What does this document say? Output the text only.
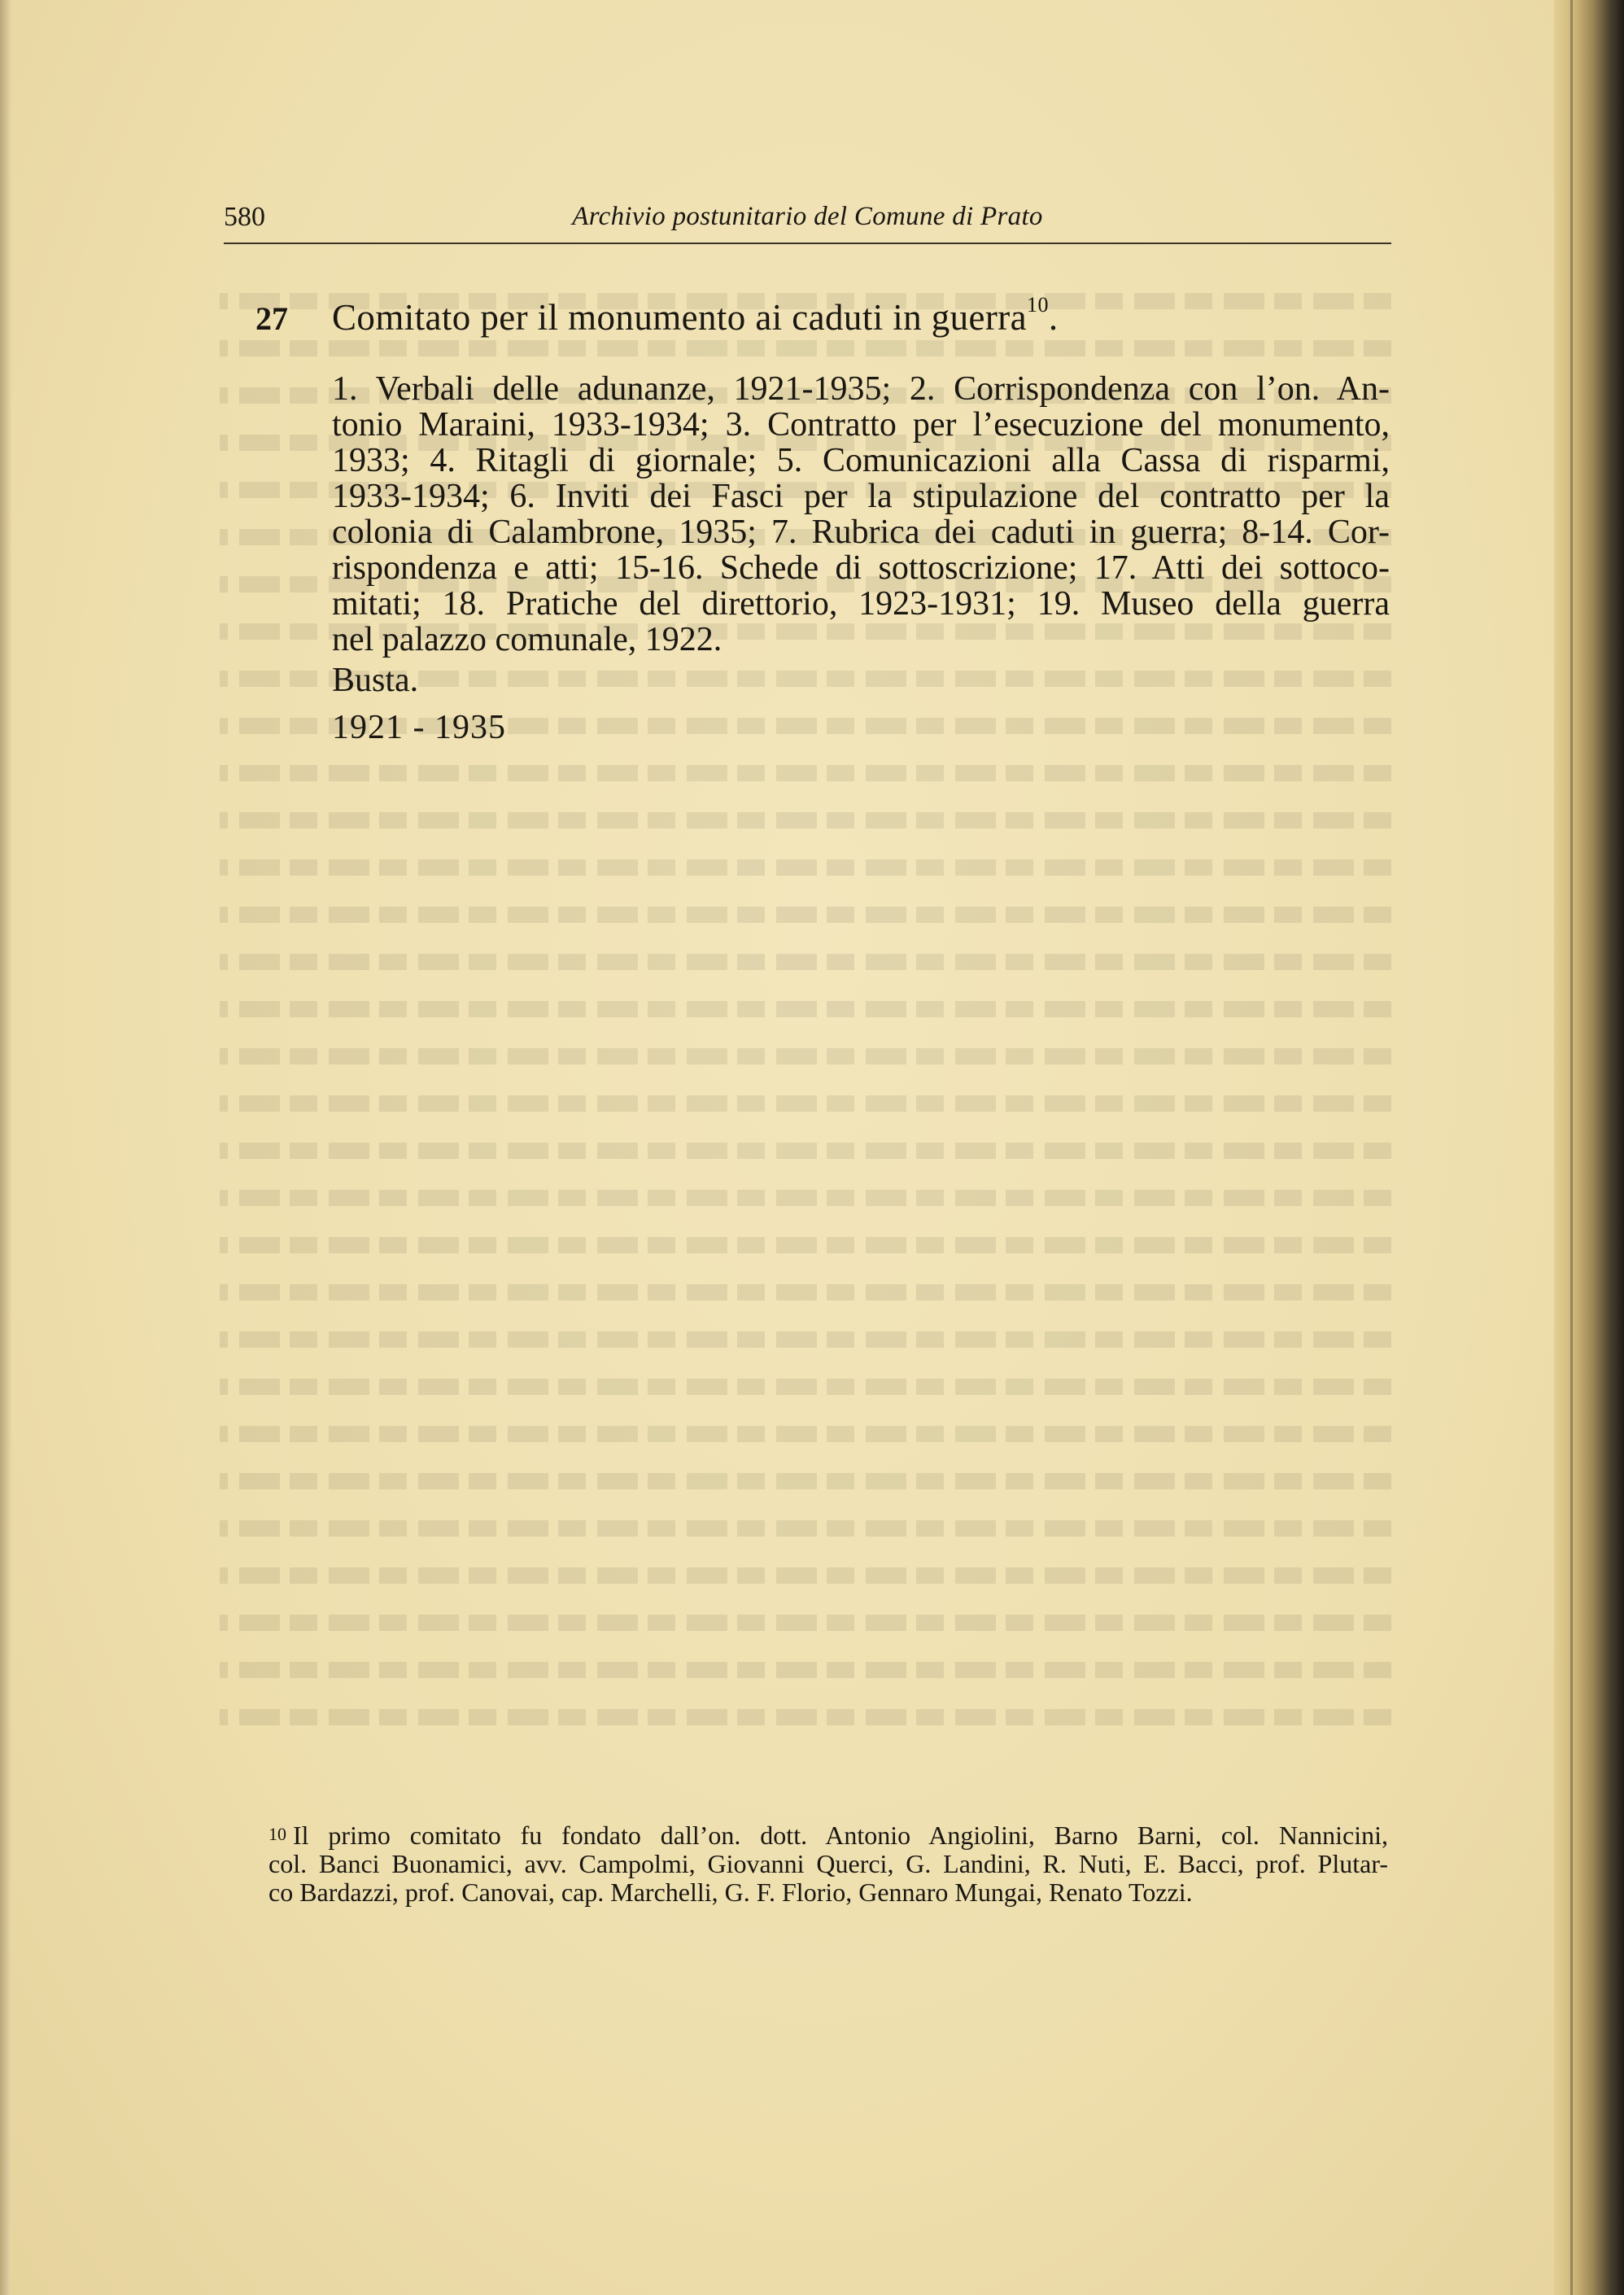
580	Archivio postunitario del Comune di Prato
27 Comitato per il monumento ai caduti in guerra$^{10}$.
1. Verbali delle adunanze, 1921-1935; 2. Corrispondenza con l’on. An-
tonio Maraini, 1933-1934; 3. Contratto per l’esecuzione del monumento,
1933; 4. Ritagli di giornale; 5. Comunicazioni alla Cassa di risparmi,
1933-1934; 6. Inviti dei Fasci per la stipulazione del contratto per la
colonia di Calambrone, 1935; 7. Rubrica dei caduti in guerra; 8-14. Cor-
rispondenza e atti; 15-16. Schede di sottoscrizione; 17. Atti dei sottoco-
mitati; 18. Pratiche del direttorio, 1923-1931; 19. Museo della guerra
nel palazzo comunale, 1922.
Busta.
1921 - 1935
$^{10}$ Il primo comitato fu fondato dall’on. dott. Antonio Angiolini, Barno Barni, col. Nannicini,
col. Banci Buonamici, avv. Campolmi, Giovanni Querci, G. Landini, R. Nuti, E. Bacci, prof. Plutar-
co Bardazzi, prof. Canovai, cap. Marchelli, G. F. Florio, Gennaro Mungai, Renato Tozzi.
